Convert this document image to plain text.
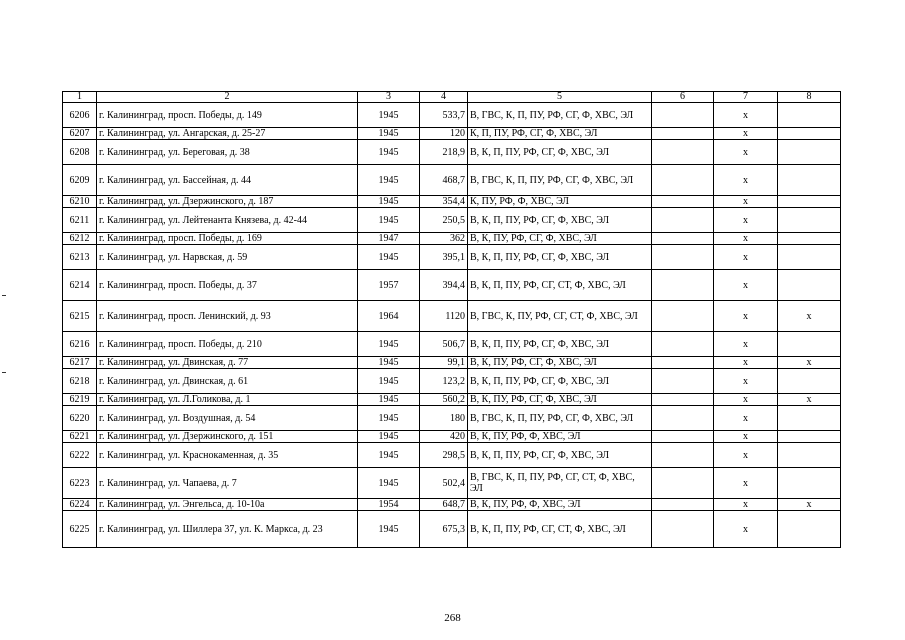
1	2	3	4	5	6	7	8
6206	г. Калининград, просп. Победы, д. 149	1945	533,7	В, ГВС, К, П, ПУ, РФ, СГ, Ф, ХВС, ЭЛ		x	
6207	г. Калининград, ул. Ангарская, д. 25-27	1945	120	К, П, ПУ, РФ, СГ, Ф, ХВС, ЭЛ		x	
6208	г. Калининград, ул. Береговая, д. 38	1945	218,9	В, К, П, ПУ, РФ, СГ, Ф, ХВС, ЭЛ		x	
6209	г. Калининград, ул. Бассейная, д. 44	1945	468,7	В, ГВС, К, П, ПУ, РФ, СГ, Ф, ХВС, ЭЛ		x	
6210	г. Калининград, ул. Дзержинского, д. 187	1945	354,4	К, ПУ, РФ, Ф, ХВС, ЭЛ		x	
6211	г. Калининград, ул. Лейтенанта Князева, д. 42-44	1945	250,5	В, К, П, ПУ, РФ, СГ, Ф, ХВС, ЭЛ		x	
6212	г. Калининград, просп. Победы, д. 169	1947	362	В, К, ПУ, РФ, СГ, Ф, ХВС, ЭЛ		x	
6213	г. Калининград, ул. Нарвская, д. 59	1945	395,1	В, К, П, ПУ, РФ, СГ, Ф, ХВС, ЭЛ		x	
6214	г. Калининград, просп. Победы, д. 37	1957	394,4	В, К, П, ПУ, РФ, СГ, СТ, Ф, ХВС, ЭЛ		x	
6215	г. Калининград, просп. Ленинский, д. 93	1964	1120	В, ГВС, К, ПУ, РФ, СГ, СТ, Ф, ХВС, ЭЛ		x	x
6216	г. Калининград, просп. Победы, д. 210	1945	506,7	В, К, П, ПУ, РФ, СГ, Ф, ХВС, ЭЛ		x	
6217	г. Калининград, ул. Двинская, д. 77	1945	99,1	В, К, ПУ, РФ, СГ, Ф, ХВС, ЭЛ		x	x
6218	г. Калининград, ул. Двинская, д. 61	1945	123,2	В, К, П, ПУ, РФ, СГ, Ф, ХВС, ЭЛ		x	
6219	г. Калининград, ул. Л.Голикова, д. 1	1945	560,2	В, К, ПУ, РФ, СГ, Ф, ХВС, ЭЛ		x	x
6220	г. Калининград, ул. Воздушная, д. 54	1945	180	В, ГВС, К, П, ПУ, РФ, СГ, Ф, ХВС, ЭЛ		x	
6221	г. Калининград, ул. Дзержинского, д. 151	1945	420	В, К, ПУ, РФ, Ф, ХВС, ЭЛ		x	
6222	г. Калининград, ул. Краснокаменная, д. 35	1945	298,5	В, К, П, ПУ, РФ, СГ, Ф, ХВС, ЭЛ		x	
6223	г. Калининград, ул. Чапаева, д. 7	1945	502,4	В, ГВС, К, П, ПУ, РФ, СГ, СТ, Ф, ХВС, ЭЛ		x	
6224	г. Калининград, ул. Энгельса, д. 10-10а	1954	648,7	В, К, ПУ, РФ, Ф, ХВС, ЭЛ		x	x
6225	г. Калининград, ул. Шиллера 37, ул. К. Маркса, д. 23	1945	675,3	В, К, П, ПУ, РФ, СГ, СТ, Ф, ХВС, ЭЛ		x	
268
